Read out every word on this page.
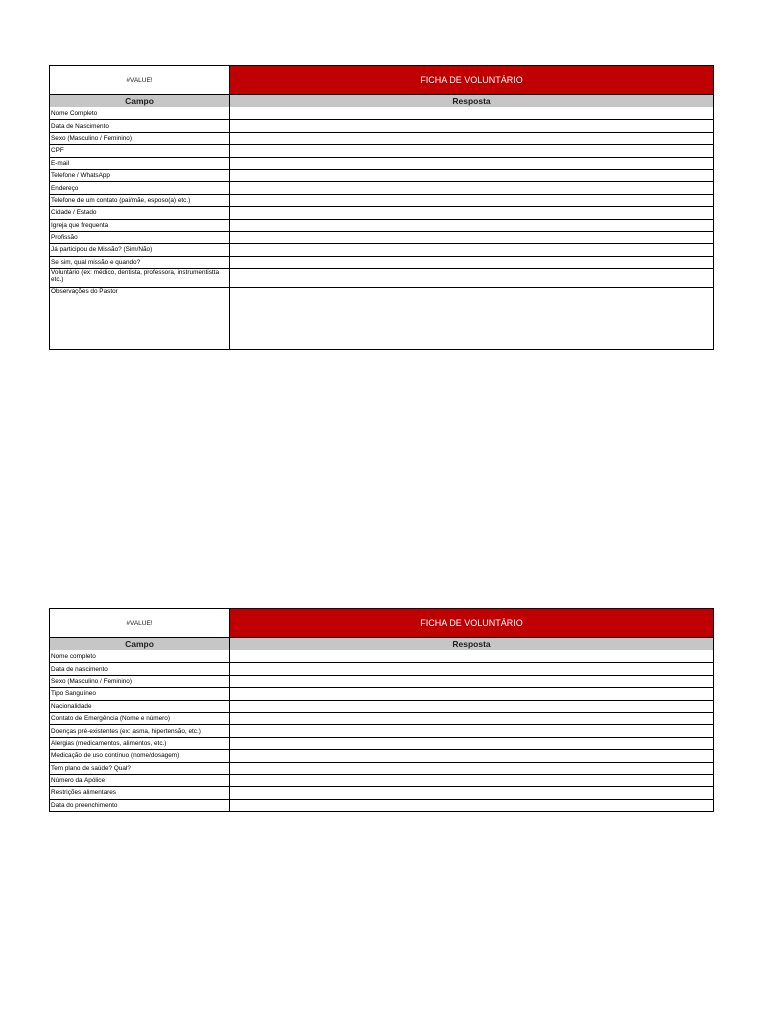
#VALUE!	FICHA DE VOLUNTÁRIO
Campo	Resposta
Nome Completo
Data de Nascimento
Sexo (Masculino / Feminino)
CPF
E-mail
Telefone / WhatsApp
Endereço
Telefone de um contato (pai/mãe, esposo(a) etc.)
Cidade / Estado
Igreja que frequenta
Profissão
Já participou de Missão? (Sim/Não)
Se sim, qual missão e quando?
Voluntário (ex: médico, dentista, professora, instrumentistta etc.)
Observações do Pastor
#VALUE!	FICHA DE VOLUNTÁRIO
Campo	Resposta
Nome completo
Data de nascimento
Sexo (Masculino / Feminino)
Tipo Sanguíneo
Nacionalidade
Contato de Emergência (Nome e número)
Doenças pré-existentes (ex: asma, hipertensão, etc.)
Alergias (medicamentos, alimentos, etc.)
Medicação de uso contínuo (nome/dosagem)
Tem plano de saúde? Qual?
Número da Apólice
Restrições alimentares
Data do preenchimento
